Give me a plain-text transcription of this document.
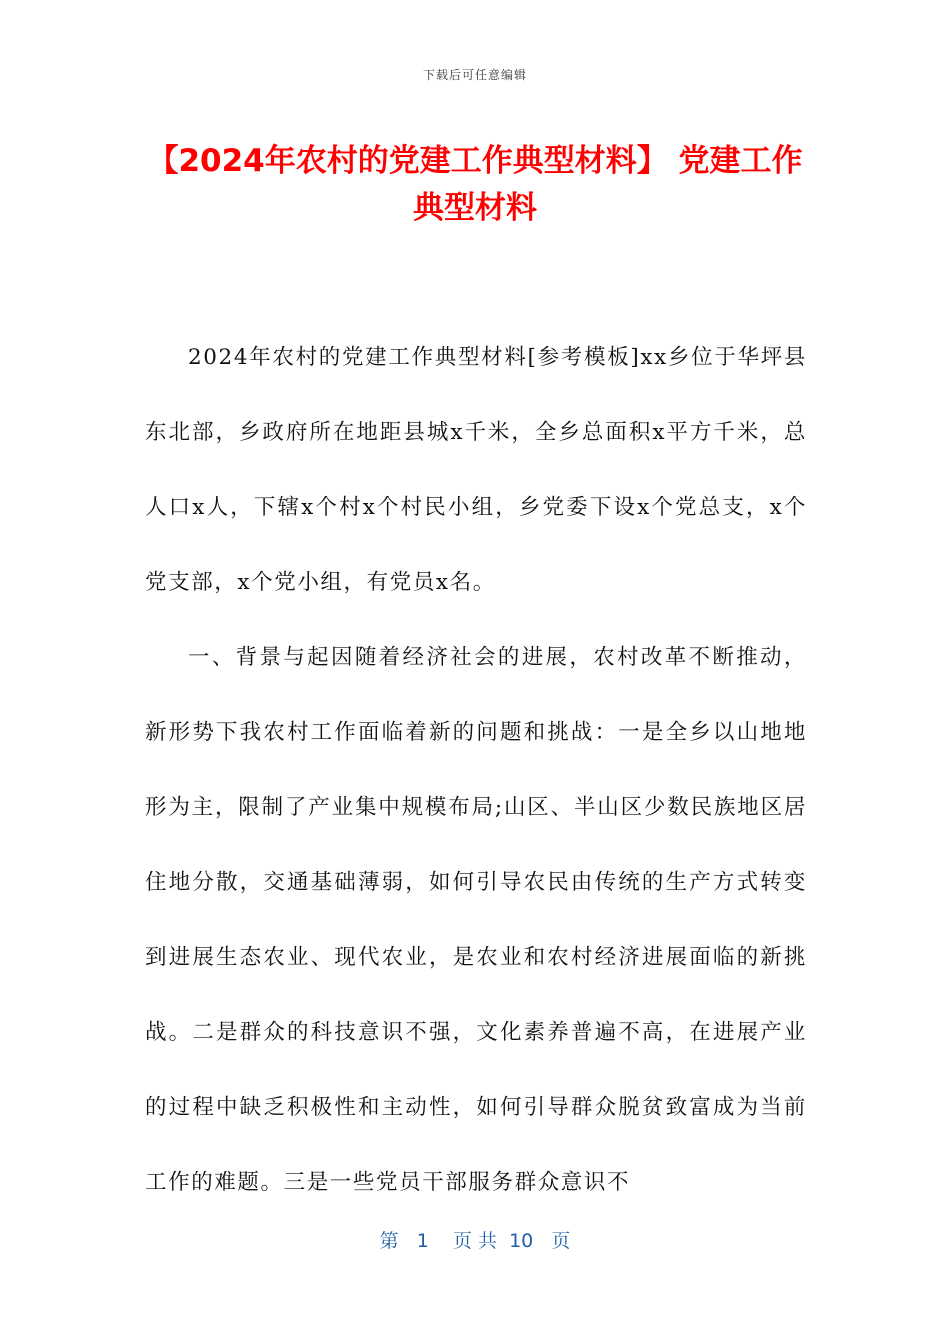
下载后可任意编辑
【2024年农村的党建工作典型材料】 党建工作典型材料

2024年农村的党建工作典型材料[参考模板]xx乡位于华坪县东北部，乡政府所在地距县城x千米，全乡总面积x平方千米，总人口x人，下辖x个村x个村民小组，乡党委下设x个党总支，x个党支部，x个党小组，有党员x名。

一、背景与起因随着经济社会的进展，农村改革不断推动，新形势下我农村工作面临着新的问题和挑战：一是全乡以山地地形为主，限制了产业集中规模布局;山区、半山区少数民族地区居住地分散，交通基础薄弱，如何引导农民由传统的生产方式转变到进展生态农业、现代农业，是农业和农村经济进展面临的新挑战。二是群众的科技意识不强，文化素养普遍不高，在进展产业的过程中缺乏积极性和主动性，如何引导群众脱贫致富成为当前工作的难题。三是一些党员干部服务群众意识不

第   1    页 共  10   页
